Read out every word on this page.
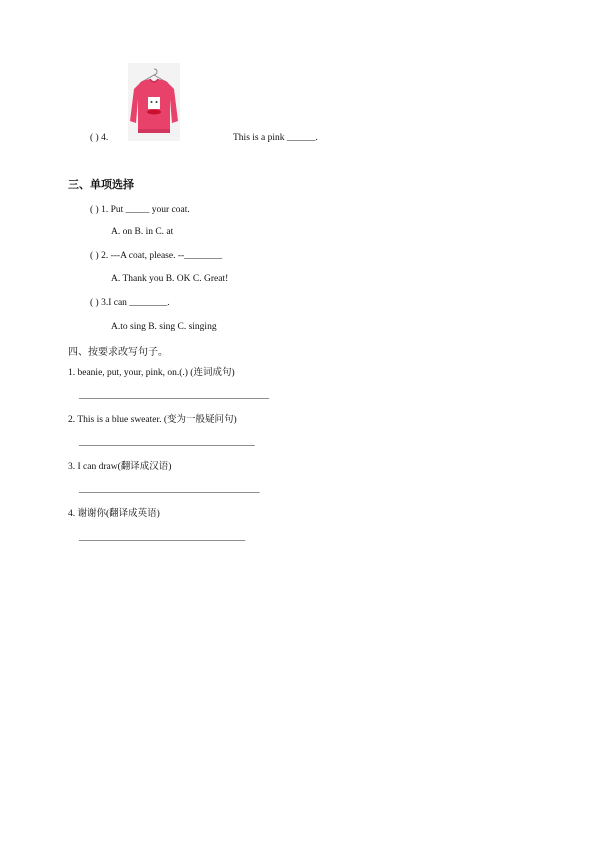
( ) 4.	This is a pink ______.
三、单项选择
( ) 1. Put _____ your coat.
A. on B. in C. at
( ) 2. ---A coat, please. --________
A. Thank you B. OK C. Great!
( ) 3.I can ________.
A.to sing B. sing C. singing
四、按要求改写句子。
1. beanie, put, your, pink, on.(.) (连词成句)
________________________________________
2. This is a blue sweater. (变为一般疑问句)
_____________________________________
3. I can draw(翻译成汉语)
______________________________________
4. 谢谢你(翻译成英语)
___________________________________
